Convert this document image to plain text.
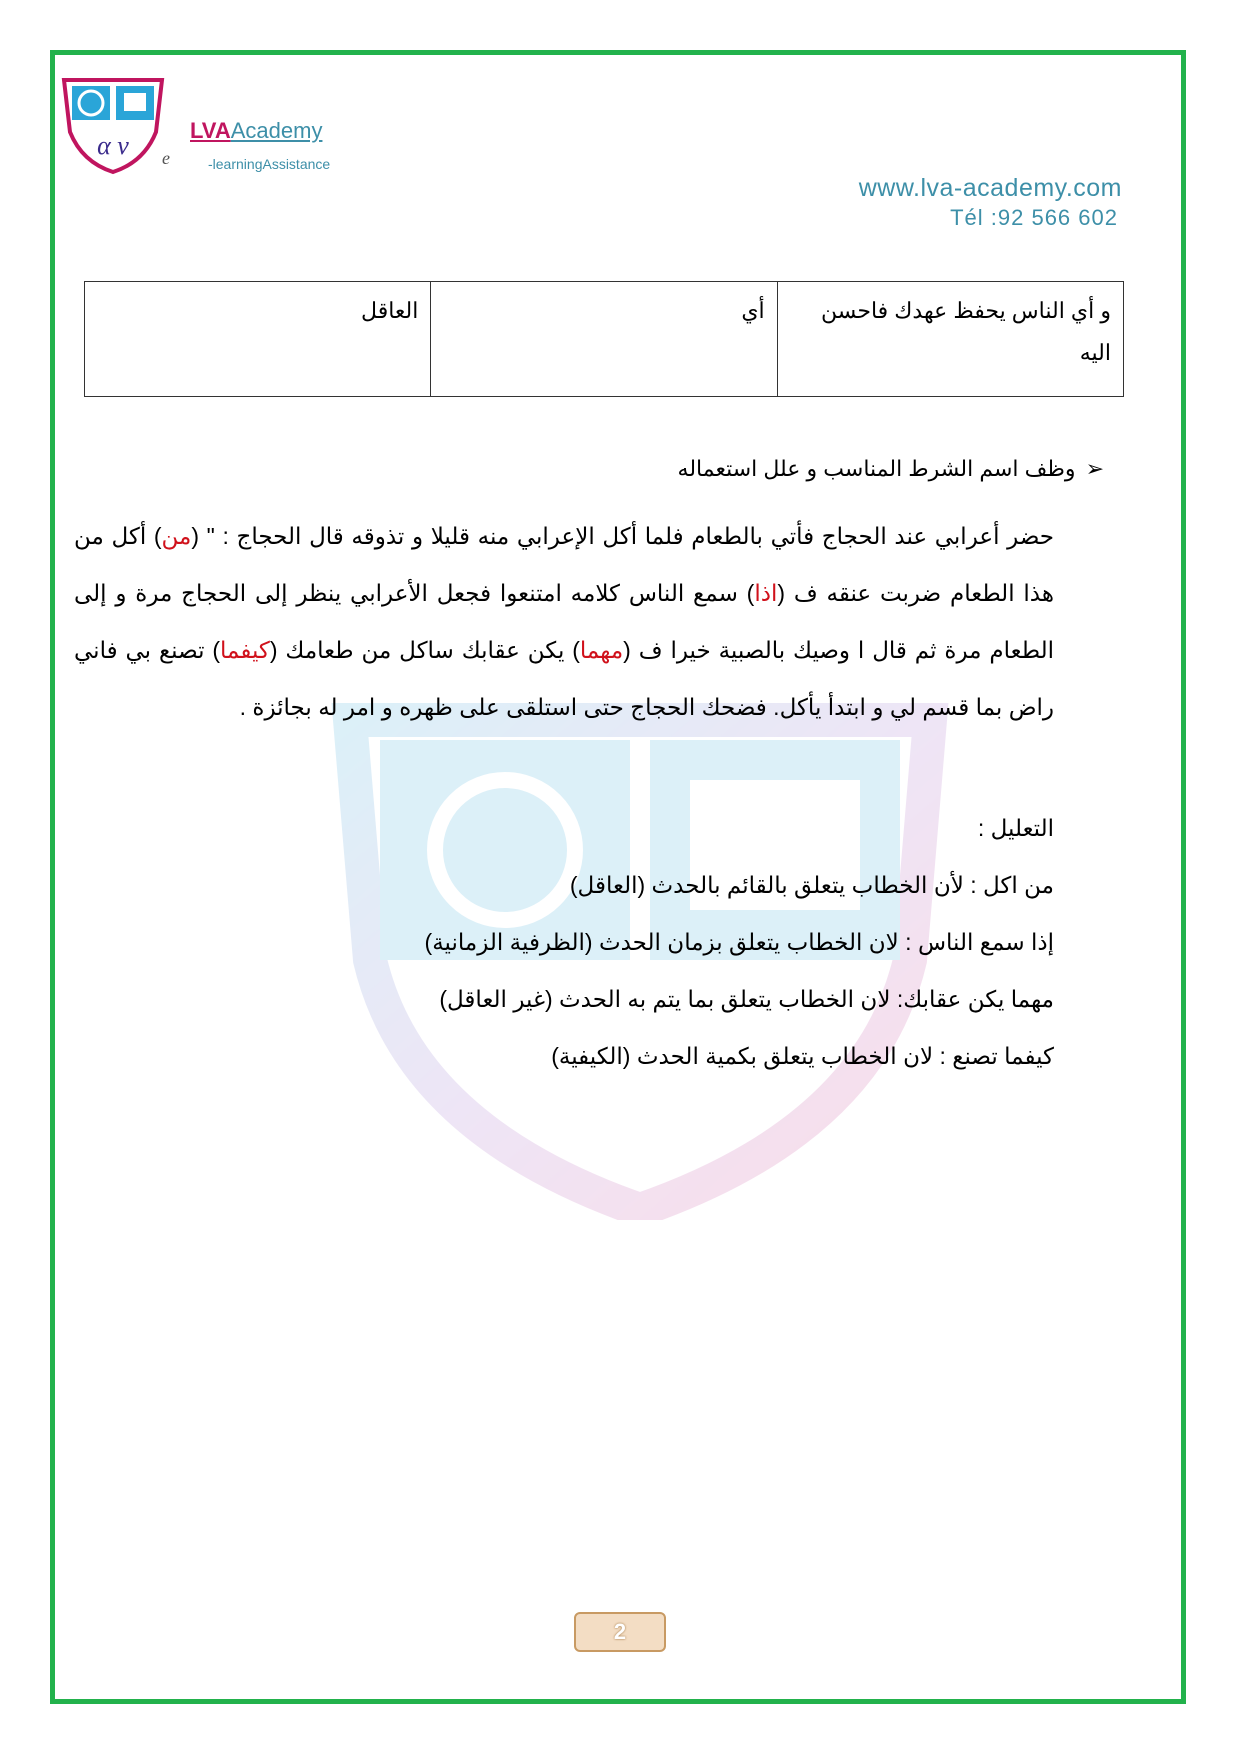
α ν
LVAAcademy
e	-learningAssistance
www.lva-academy.com
Tél :92 566 602
و أي الناس يحفظ عهدك فاحسن اليه	أي	العاقل
➢وظف اسم الشرط المناسب و علل استعماله
حضر أعرابي عند الحجاج فأتي بالطعام فلما أكل الإعرابي منه قليلا و تذوقه قال الحجاج : " (من) أكل من هذا الطعام ضربت عنقه ف (اذا) سمع الناس كلامه امتنعوا فجعل الأعرابي ينظر إلى الحجاج مرة و إلى الطعام مرة ثم قال ا وصيك بالصبية خيرا ف (مهما) يكن عقابك ساكل من طعامك (كيفما) تصنع بي فاني راض بما قسم لي و ابتدأ يأكل. فضحك الحجاج حتى استلقى على ظهره و امر له بجائزة .
التعليل :
من اكل : لأن الخطاب يتعلق بالقائم بالحدث (العاقل)
إذا سمع الناس : لان الخطاب يتعلق بزمان الحدث (الظرفية الزمانية)
مهما يكن عقابك: لان الخطاب يتعلق بما يتم به الحدث (غير العاقل)
كيفما تصنع : لان الخطاب يتعلق بكمية الحدث (الكيفية)
2
